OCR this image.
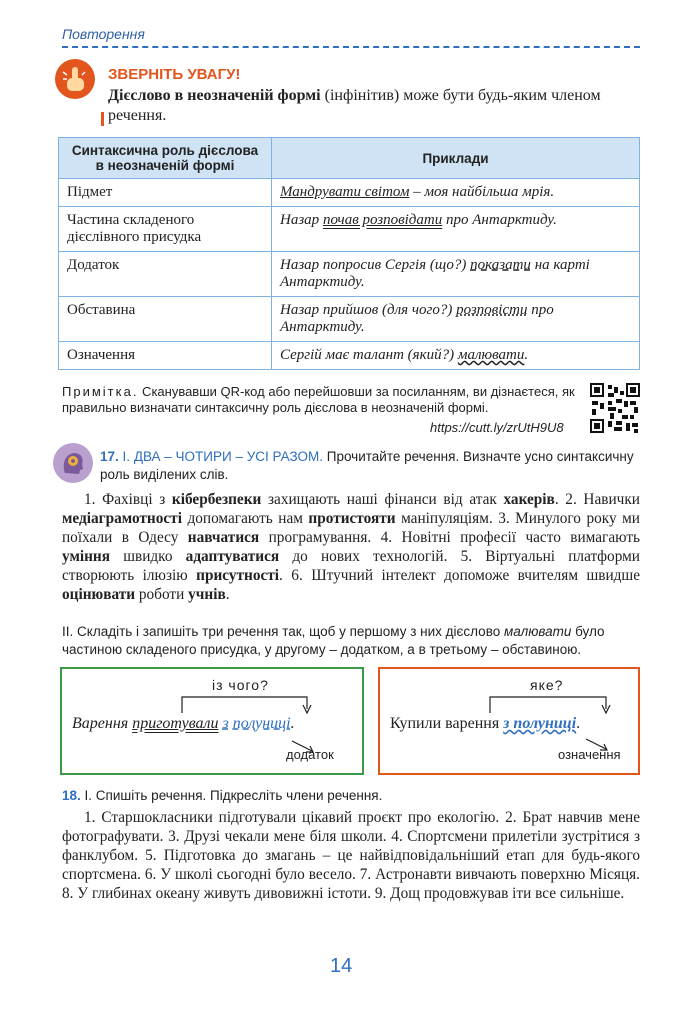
Повторення
ЗВЕРНІТЬ УВАГУ!
Дієслово в неозначеній формі (інфінітив) може бути будь-яким членом речення.
Синтаксична роль дієслова в неозначеній формі	Приклади
Підмет	Мандрувати світом – моя найбільша мрія.
Частина складеного дієслівного присудка	Назар почав розповідати про Антарктиду.
Додаток	Назар попросив Сергія (що?) показати на карті Антарктиду.
Обставина	Назар прийшов (для чого?) розповісти про Антарктиду.
Означення	Сергій має талант (який?) малювати.
Примітка. Сканувавши QR-код або перейшовши за посиланням, ви дізнаєтеся, як правильно визначати синтаксичну роль дієслова в неозначеній формі.
https://cutt.ly/zrUtH9U8
17. І. ДВА – ЧОТИРИ – УСІ РАЗОМ. Прочитайте речення. Визначте усно синтаксичну роль виділених слів.
1. Фахівці з кібербезпеки захищають наші фінанси від атак хакерів. 2. Навички медіаграмотності допомагають нам протистояти маніпуляціям. 3. Минулого року ми поїхали в Одесу навчатися програмування. 4. Новітні професії часто вимагають уміння швидко адаптуватися до нових технологій. 5. Віртуальні платформи створюють ілюзію присутності. 6. Штучний інтелект допоможе вчителям швидше оцінювати роботи учнів.
ІІ. Складіть і запишіть три речення так, щоб у першому з них дієслово малювати було частиною складеного присудка, у другому – додатком, а в третьому – обставиною.
із чого?
Варення приготували з полуниці.
додаток
яке?
Купили варення з полуниці.
означення
18. І. Спишіть речення. Підкресліть члени речення.
1. Старшокласники підготували цікавий проєкт про екологію. 2. Брат навчив мене фотографувати. 3. Друзі чекали мене біля школи. 4. Спортсмени прилетіли зустрітися з фанклубом. 5. Підготовка до змагань – це найвідповідальніший етап для будь-якого спортсмена. 6. У школі сьогодні було весело. 7. Астронавти вивчають поверхню Місяця. 8. У глибинах океану живуть дивовижні істоти. 9. Дощ продовжував іти все сильніше.
14
